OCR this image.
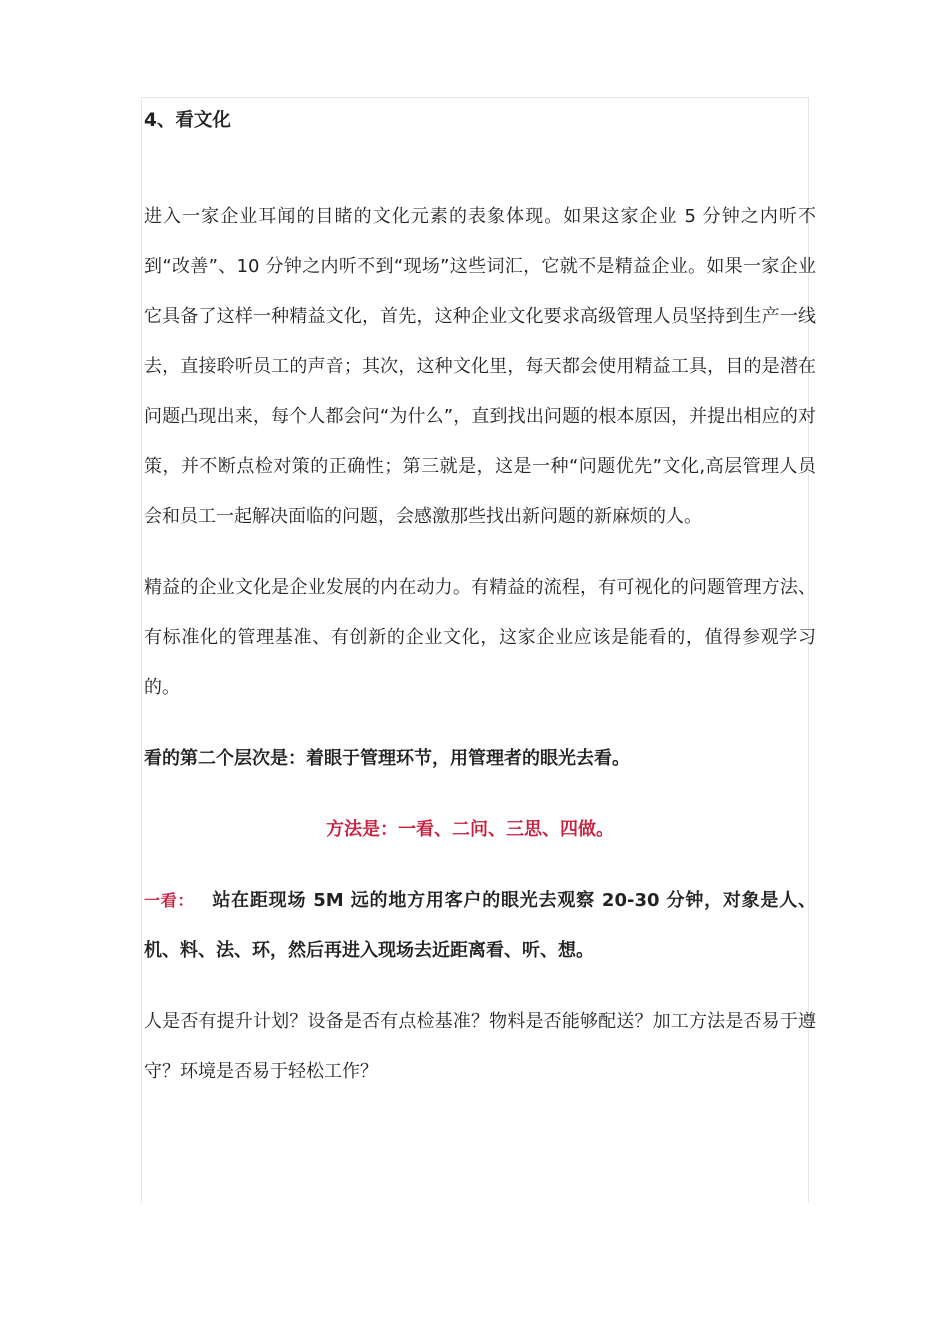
4、看文化

进入一家企业耳闻的目睹的文化元素的表象体现。如果这家企业 5 分钟之内听不到“改善”、10 分钟之内听不到“现场”这些词汇，它就不是精益企业。如果一家企业它具备了这样一种精益文化，首先，这种企业文化要求高级管理人员坚持到生产一线去，直接聆听员工的声音；其次，这种文化里，每天都会使用精益工具，目的是潜在问题凸现出来，每个人都会问“为什么”，直到找出问题的根本原因，并提出相应的对策，并不断点检对策的正确性；第三就是，这是一种“问题优先”文化,高层管理人员会和员工一起解决面临的问题，会感激那些找出新问题的新麻烦的人。

精益的企业文化是企业发展的内在动力。有精益的流程，有可视化的问题管理方法、有标准化的管理基准、有创新的企业文化，这家企业应该是能看的，值得参观学习的。

看的第二个层次是：着眼于管理环节，用管理者的眼光去看。

方法是：一看、二问、三思、四做。

一看： 站在距现场 5M 远的地方用客户的眼光去观察 20-30 分钟，对象是人、机、料、法、环，然后再进入现场去近距离看、听、想。

人是否有提升计划？设备是否有点检基准？物料是否能够配送？加工方法是否易于遵守？环境是否易于轻松工作？
